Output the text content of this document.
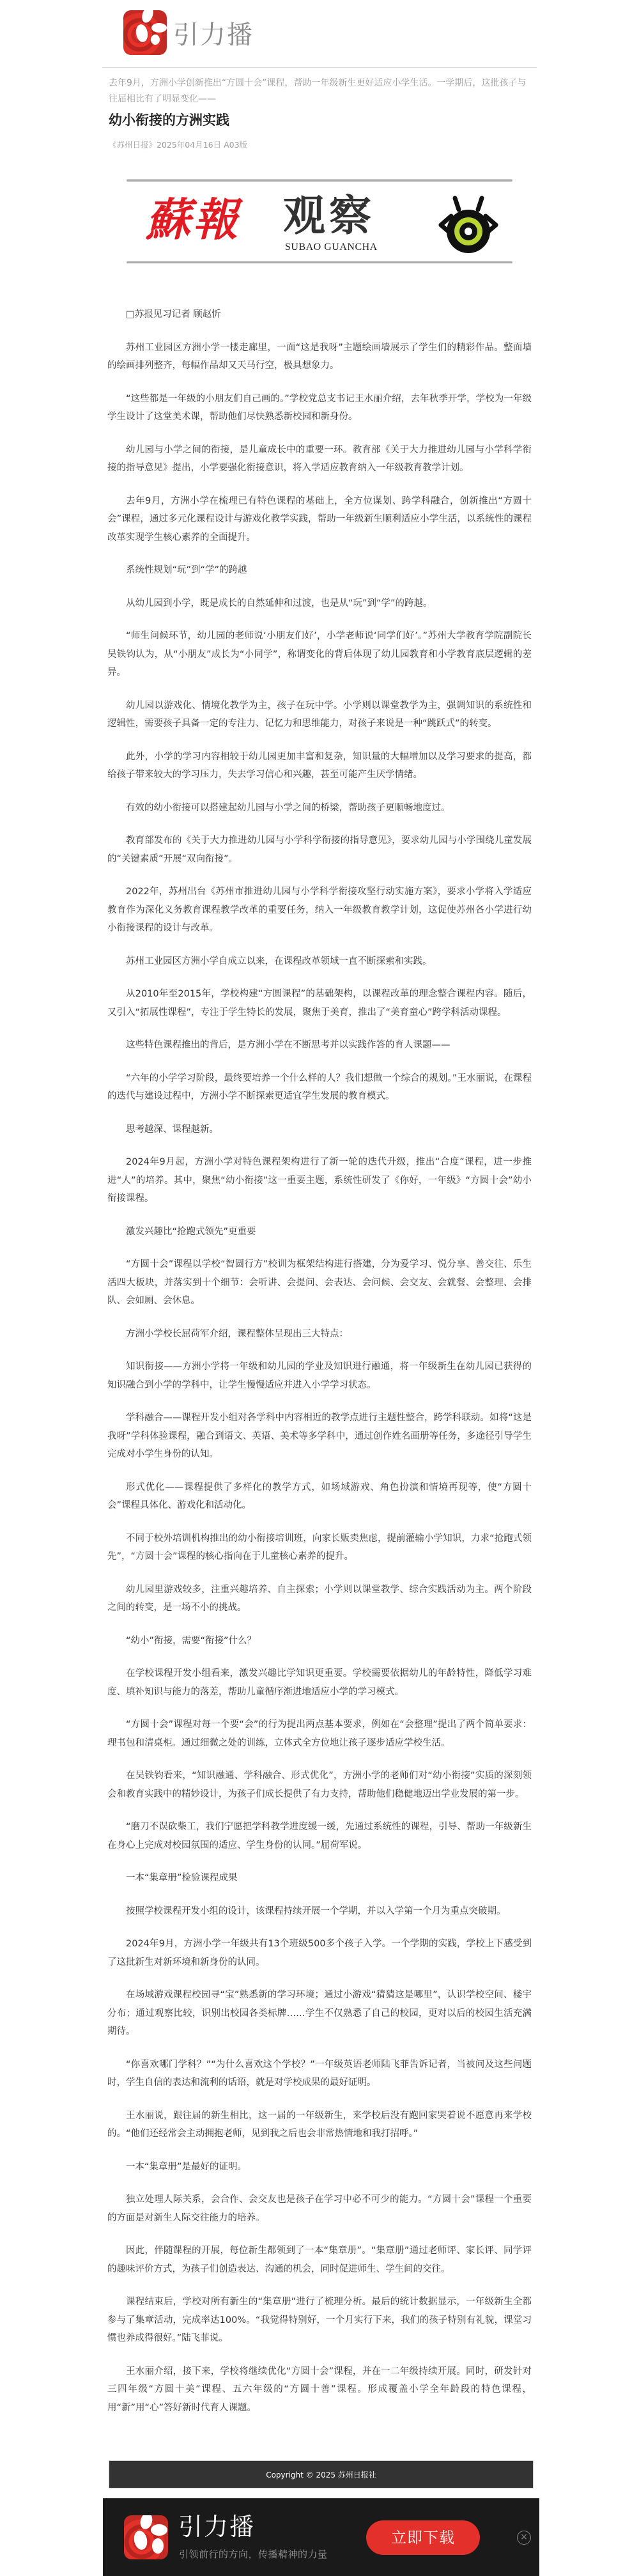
引力播
去年9月，方洲小学创新推出“方圆十会”课程，帮助一年级新生更好适应小学生活。一学期后，这批孩子与往届相比有了明显变化——
幼小衔接的方洲实践
《苏州日报》2025年04月16日 A03版
蘇報 观察
SUBAO GUANCHA

□苏报见习记者 顾赵忻

苏州工业园区方洲小学一楼走廊里，一面“这是我呀”主题绘画墙展示了学生们的精彩作品。整面墙的绘画排列整齐，每幅作品却又天马行空，极具想象力。

“这些都是一年级的小朋友们自己画的。”学校党总支书记王水丽介绍，去年秋季开学，学校为一年级学生设计了这堂美术课，帮助他们尽快熟悉新校园和新身份。

幼儿园与小学之间的衔接，是儿童成长中的重要一环。教育部《关于大力推进幼儿园与小学科学衔接的指导意见》提出，小学要强化衔接意识，将入学适应教育纳入一年级教育教学计划。

去年9月，方洲小学在梳理已有特色课程的基础上，全方位谋划、跨学科融合，创新推出“方圆十会”课程，通过多元化课程设计与游戏化教学实践，帮助一年级新生顺利适应小学生活，以系统性的课程改革实现学生核心素养的全面提升。

系统性规划“玩”到“学”的跨越

从幼儿园到小学，既是成长的自然延伸和过渡，也是从“玩”到“学”的跨越。

“师生问候环节，幼儿园的老师说‘小朋友们好’，小学老师说‘同学们好’。”苏州大学教育学院副院长吴铁钧认为，从“小朋友”成长为“小同学”，称谓变化的背后体现了幼儿园教育和小学教育底层逻辑的差异。

幼儿园以游戏化、情境化教学为主，孩子在玩中学。小学则以课堂教学为主，强调知识的系统性和逻辑性，需要孩子具备一定的专注力、记忆力和思维能力，对孩子来说是一种“跳跃式”的转变。

此外，小学的学习内容相较于幼儿园更加丰富和复杂，知识量的大幅增加以及学习要求的提高，都给孩子带来较大的学习压力，失去学习信心和兴趣，甚至可能产生厌学情绪。

有效的幼小衔接可以搭建起幼儿园与小学之间的桥梁，帮助孩子更顺畅地度过。

教育部发布的《关于大力推进幼儿园与小学科学衔接的指导意见》，要求幼儿园与小学围绕儿童发展的“关键素质”开展“双向衔接”。

2022年，苏州出台《苏州市推进幼儿园与小学科学衔接攻坚行动实施方案》，要求小学将入学适应教育作为深化义务教育课程教学改革的重要任务，纳入一年级教育教学计划，这促使苏州各小学进行幼小衔接课程的设计与改革。

苏州工业园区方洲小学自成立以来，在课程改革领域一直不断探索和实践。

从2010年至2015年，学校构建“方圆课程”的基础架构，以课程改革的理念整合课程内容。随后，又引入“拓展性课程”，专注于学生特长的发展，聚焦于美育，推出了“美育童心”跨学科活动课程。

这些特色课程推出的背后，是方洲小学在不断思考并以实践作答的育人课题——

“六年的小学学习阶段，最终要培养一个什么样的人？我们想做一个综合的规划。”王水丽说，在课程的迭代与建设过程中，方洲小学不断探索更适宜学生发展的教育模式。

思考越深、课程越新。

2024年9月起，方洲小学对特色课程架构进行了新一轮的迭代升级，推出“合度”课程，进一步推进“人”的培养。其中，聚焦“幼小衔接”这一重要主题，系统性研发了《你好，一年级》“方圆十会”幼小衔接课程。

激发兴趣比“抢跑式领先”更重要

“方圆十会”课程以学校“智圆行方”校训为框架结构进行搭建，分为爱学习、悦分享、善交往、乐生活四大板块，并落实到十个细节：会听讲、会提问、会表达、会问候、会交友、会就餐、会整理、会排队、会如厕、会休息。

方洲小学校长屈荷军介绍，课程整体呈现出三大特点：

知识衔接——方洲小学将一年级和幼儿园的学业及知识进行融通，将一年级新生在幼儿园已获得的知识融合到小学的学科中，让学生慢慢适应并进入小学学习状态。

学科融合——课程开发小组对各学科中内容相近的教学点进行主题性整合，跨学科联动。如将“这是我呀”学科体验课程，融合到语文、英语、美术等多学科中，通过创作姓名画册等任务，多途径引导学生完成对小学生身份的认知。

形式优化——课程提供了多样化的教学方式，如场域游戏、角色扮演和情境再现等，使“方圆十会”课程具体化、游戏化和活动化。

不同于校外培训机构推出的幼小衔接培训班，向家长贩卖焦虑，提前灌输小学知识，力求“抢跑式领先”，“方圆十会”课程的核心指向在于儿童核心素养的提升。

幼儿园里游戏较多，注重兴趣培养、自主探索；小学则以课堂教学、综合实践活动为主。两个阶段之间的转变，是一场不小的挑战。

“幼小”衔接，需要“衔接”什么？

在学校课程开发小组看来，激发兴趣比学知识更重要。学校需要依据幼儿的年龄特性，降低学习难度、填补知识与能力的落差，帮助儿童循序渐进地适应小学的学习模式。

“方圆十会”课程对每一个要“会”的行为提出两点基本要求，例如在“会整理”提出了两个简单要求：理书包和清桌柜。通过细微之处的训练，立体式全方位地让孩子逐步适应学校生活。

在吴铁钧看来，“知识融通、学科融合、形式优化”，方洲小学的老师们对“幼小衔接”实质的深刻领会和教育实践中的精妙设计，为孩子们成长提供了有力支持，帮助他们稳健地迈出学业发展的第一步。

“磨刀不误砍柴工，我们宁愿把学科教学进度缓一缓，先通过系统性的课程，引导、帮助一年级新生在身心上完成对校园氛围的适应、学生身份的认同。”屈荷军说。

一本“集章册”检验课程成果

按照学校课程开发小组的设计，该课程持续开展一个学期，并以入学第一个月为重点突破期。

2024年9月，方洲小学一年级共有13个班级500多个孩子入学。一个学期的实践，学校上下感受到了这批新生对新环境和新身份的认同。

在场域游戏课程校园寻“宝”熟悉新的学习环境；通过小游戏“猜猜这是哪里”，认识学校空间、楼宇分布；通过观察比较，识别出校园各类标牌……学生不仅熟悉了自己的校园，更对以后的校园生活充满期待。

“你喜欢哪门学科？”“为什么喜欢这个学校？”一年级英语老师陆飞菲告诉记者，当被问及这些问题时，学生自信的表达和流利的话语，就是对学校成果的最好证明。

王水丽说，跟往届的新生相比，这一届的一年级新生，来学校后没有跑回家哭着说不愿意再来学校的。“他们还经常会主动拥抱老师，见到我之后也会非常热情地和我打招呼。”

一本“集章册”是最好的证明。

独立处理人际关系，会合作、会交友也是孩子在学习中必不可少的能力。“方圆十会”课程一个重要的方面是对新生人际交往能力的培养。

因此，伴随课程的开展，每位新生都领到了一本“集章册”。“集章册”通过老师评、家长评、同学评的趣味评价方式，为孩子们创造表达、沟通的机会，同时促进师生、学生间的交往。

课程结束后，学校对所有新生的“集章册”进行了梳理分析。最后的统计数据显示，一年级新生全都参与了集章活动，完成率达100%。“我觉得特别好，一个月实行下来，我们的孩子特别有礼貌，课堂习惯也养成得很好。”陆飞菲说。

王水丽介绍，接下来，学校将继续优化“方圆十会”课程，并在一二年级持续开展。同时，研发针对三四年级“方圆十美”课程、五六年级的“方圆十善”课程。形成覆盖小学全年龄段的特色课程，用“新”用“心”答好新时代育人课题。

Copyright © 2025 苏州日报社
引力播
引领前行的方向，传播精神的力量
立即下载	×
